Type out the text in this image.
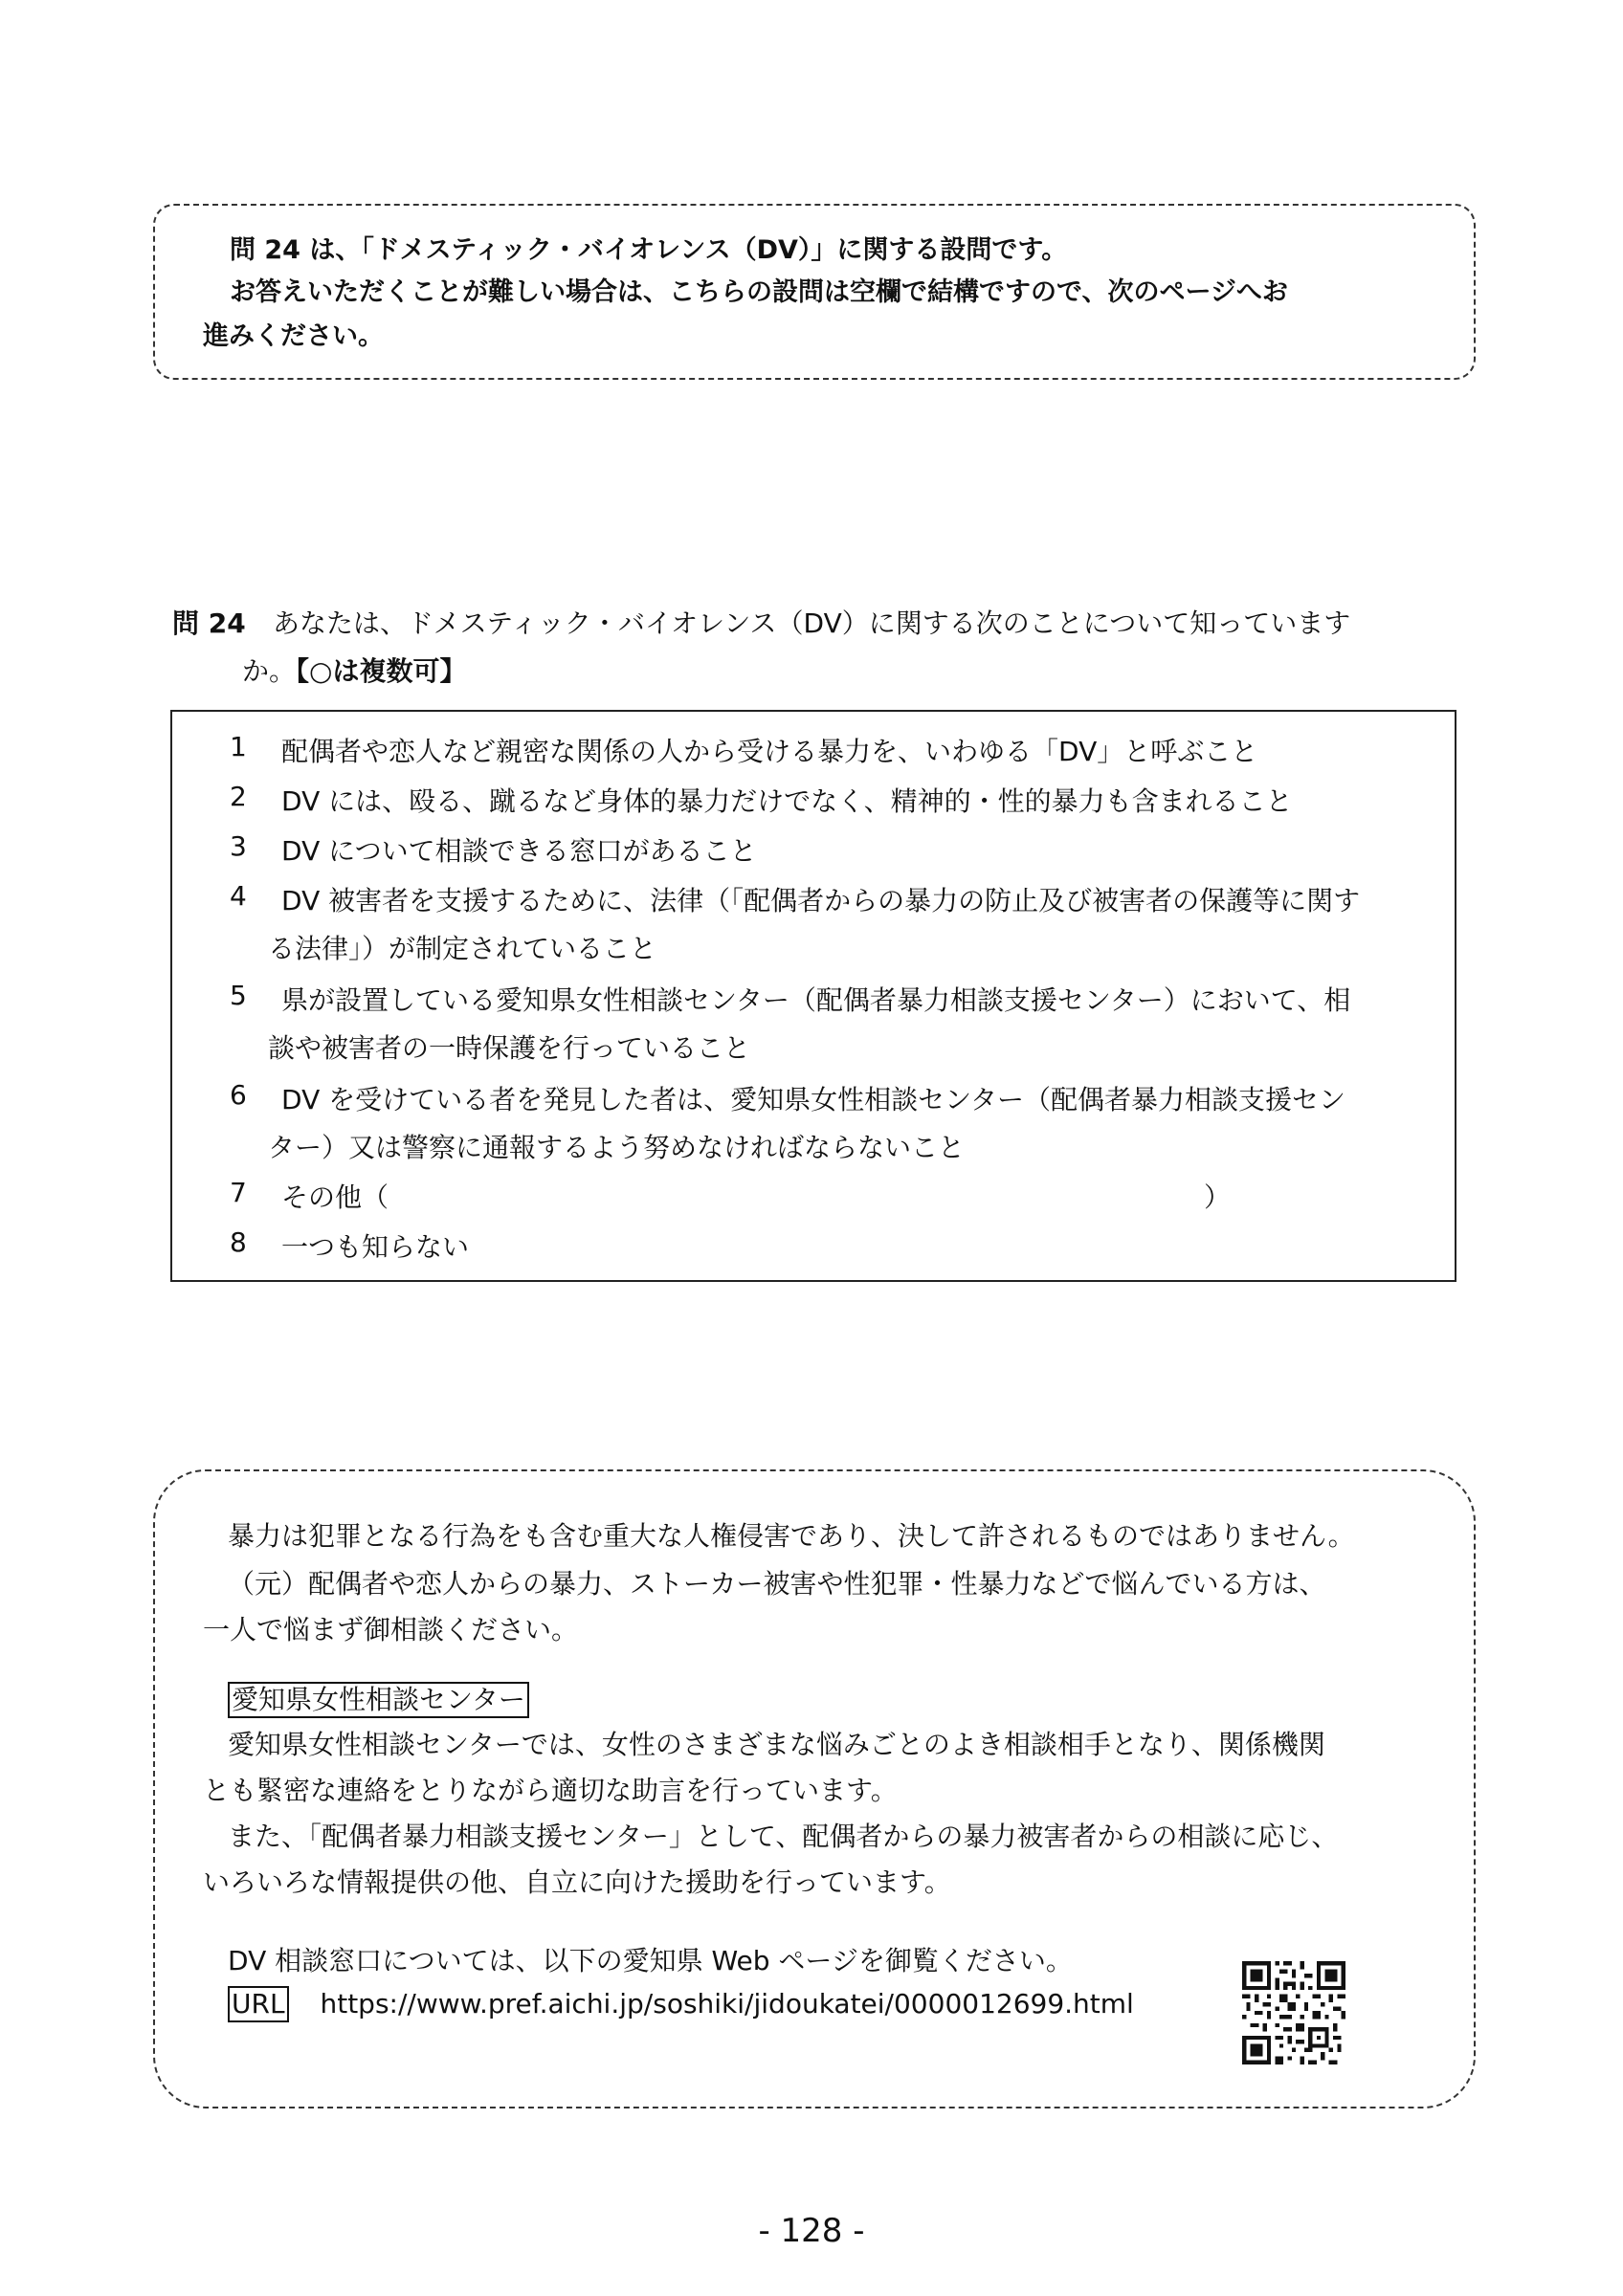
問 24 は、「ドメスティック・バイオレンス（DV）」に関する設問です。
お答えいただくことが難しい場合は、こちらの設問は空欄で結構ですので、次のページへお
進みください。
問 24 あなたは、ドメスティック・バイオレンス（DV）に関する次のことについて知っています
か。【○は複数可】
1 配偶者や恋人など親密な関係の人から受ける暴力を、いわゆる「DV」と呼ぶこと
2 DV には、殴る、蹴るなど身体的暴力だけでなく、精神的・性的暴力も含まれること
3 DV について相談できる窓口があること
4 DV 被害者を支援するために、法律（「配偶者からの暴力の防止及び被害者の保護等に関す
る法律」）が制定されていること
5 県が設置している愛知県女性相談センター（配偶者暴力相談支援センター）において、相
談や被害者の一時保護を行っていること
6 DV を受けている者を発見した者は、愛知県女性相談センター（配偶者暴力相談支援セン
ター）又は警察に通報するよう努めなければならないこと
7 その他（	）
8 一つも知らない
暴力は犯罪となる行為をも含む重大な人権侵害であり、決して許されるものではありません。
（元）配偶者や恋人からの暴力、ストーカー被害や性犯罪・性暴力などで悩んでいる方は、
一人で悩まず御相談ください。
愛知県女性相談センター
愛知県女性相談センターでは、女性のさまざまな悩みごとのよき相談相手となり、関係機関
とも緊密な連絡をとりながら適切な助言を行っています。
また、「配偶者暴力相談支援センター」として、配偶者からの暴力被害者からの相談に応じ、
いろいろな情報提供の他、自立に向けた援助を行っています。
DV 相談窓口については、以下の愛知県 Web ページを御覧ください。
URL https://www.pref.aichi.jp/soshiki/jidoukatei/0000012699.html
- 128 -
